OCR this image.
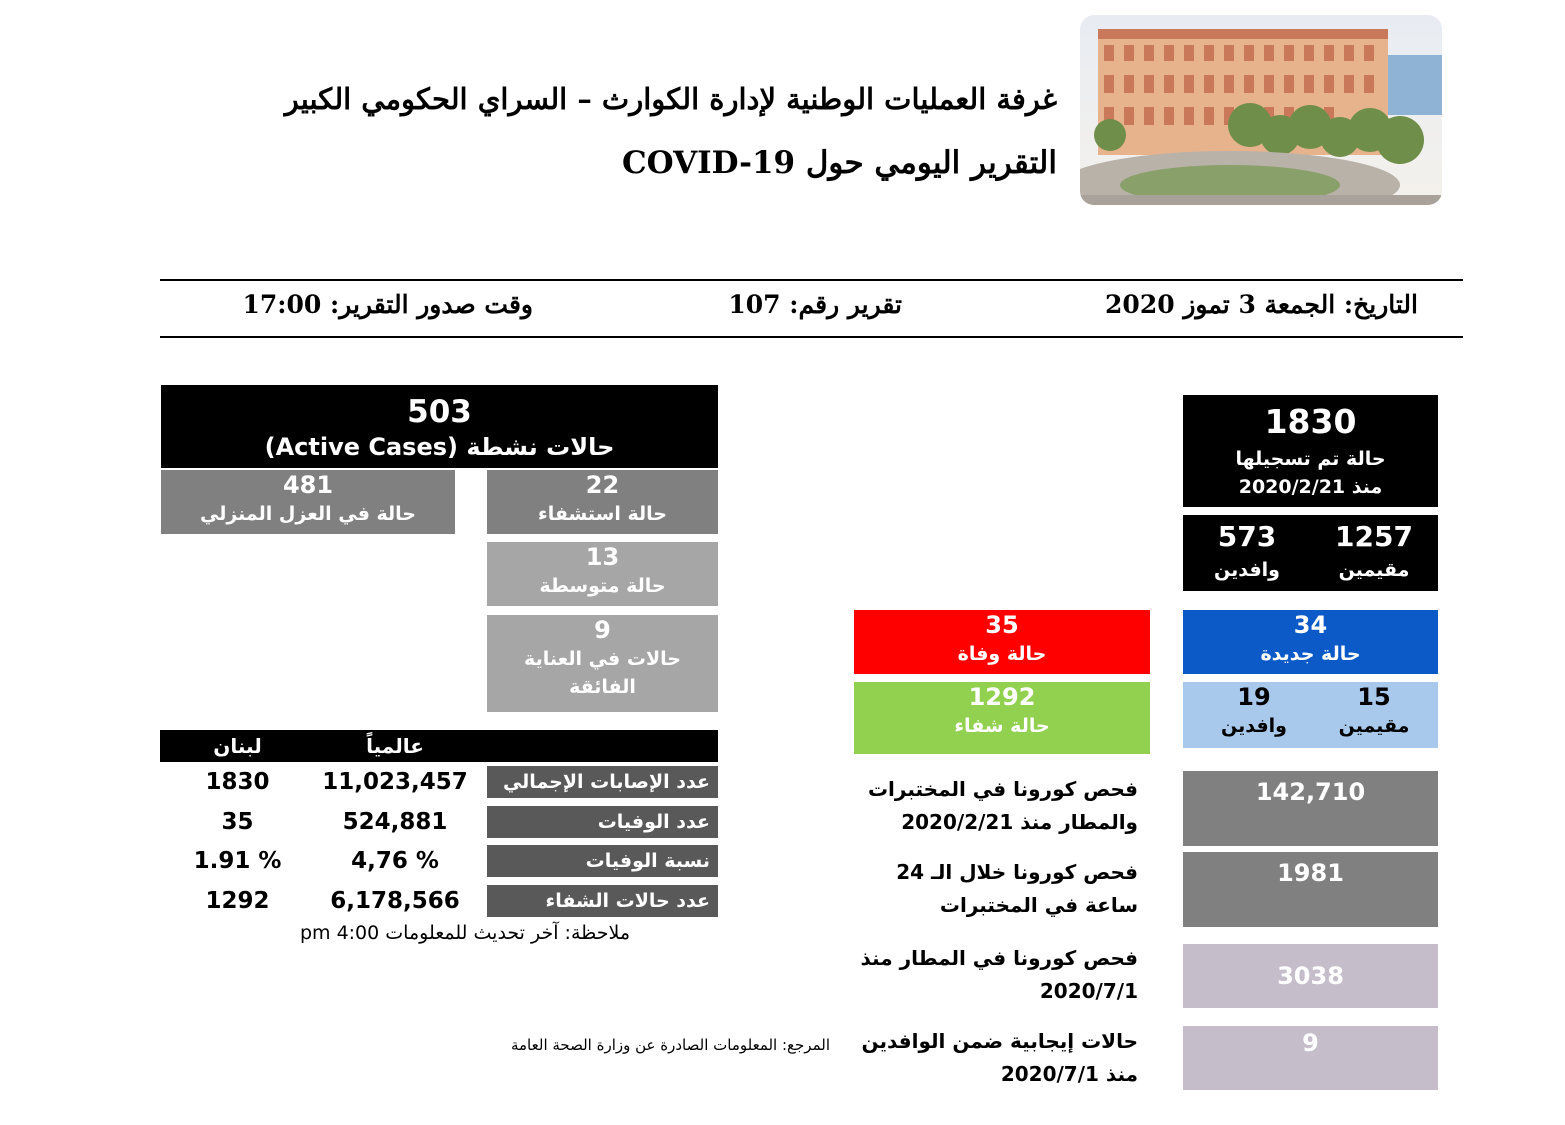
غرفة العمليات الوطنية لإدارة الكوارث – السراي الحكومي الكبير
التقرير اليومي حول COVID-19
التاريخ: الجمعة 3 تموز 2020
تقرير رقم: 107
وقت صدور التقرير: 17:00
503
حالات نشطة (Active Cases)
481
حالة في العزل المنزلي
22
حالة استشفاء
13
حالة متوسطة
9
حالات في العناية
الفائقة
1830
حالة تم تسجيلها
منذ 2020/2/21
1257
مقيمين
573
وافدين
34
حالة جديدة
15
مقيمين
19
وافدين
35
حالة وفاة
1292
حالة شفاء
لبنان	عالمياً
1830	11,023,457	عدد الإصابات الإجمالي
35	524,881	عدد الوفيات
1.91 %	4,76 %	نسبة الوفيات
1292	6,178,566	عدد حالات الشفاء
ملاحظة: آخر تحديث للمعلومات 4:00 pm
فحص كورونا في المختبرات
والمطار منذ 2020/2/21
142,710
فحص كورونا خلال الـ 24
ساعة في المختبرات
1981
فحص كورونا في المطار منذ
2020/7/1
3038
حالات إيجابية ضمن الوافدين
منذ 2020/7/1
9
المرجع: المعلومات الصادرة عن وزارة الصحة العامة
